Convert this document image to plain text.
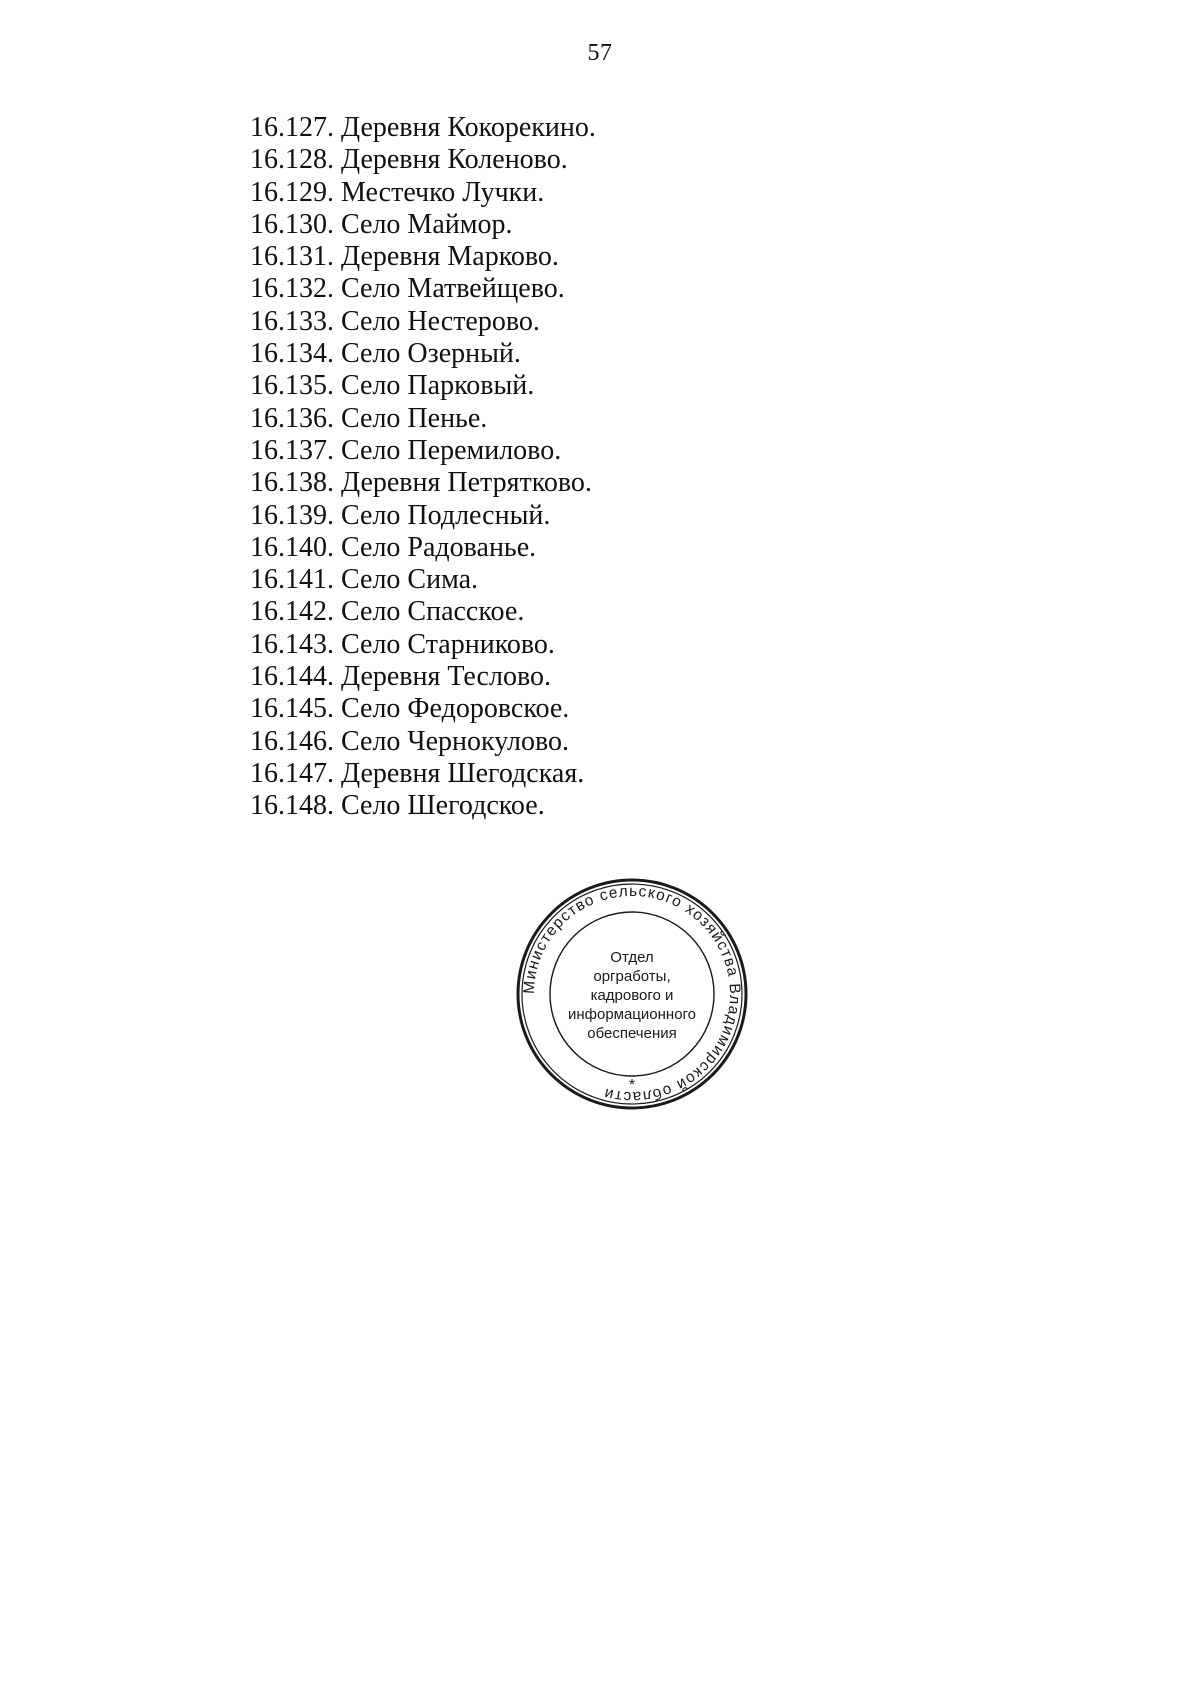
57
16.127. Деревня Кокорекино.
16.128. Деревня Коленово.
16.129. Местечко Лучки.
16.130. Село Маймор.
16.131. Деревня Марково.
16.132. Село Матвейщево.
16.133. Село Нестерово.
16.134. Село Озерный.
16.135. Село Парковый.
16.136. Село Пенье.
16.137. Село Перемилово.
16.138. Деревня Петрятково.
16.139. Село Подлесный.
16.140. Село Радованье.
16.141. Село Сима.
16.142. Село Спасское.
16.143. Село Старниково.
16.144. Деревня Теслово.
16.145. Село Федоровское.
16.146. Село Чернокулово.
16.147. Деревня Шегодская.
16.148. Село Шегодское.
Министерство сельского хозяйства Владимирской области *
Отдел
оргработы,
кадрового и
информационного
обеспечения
